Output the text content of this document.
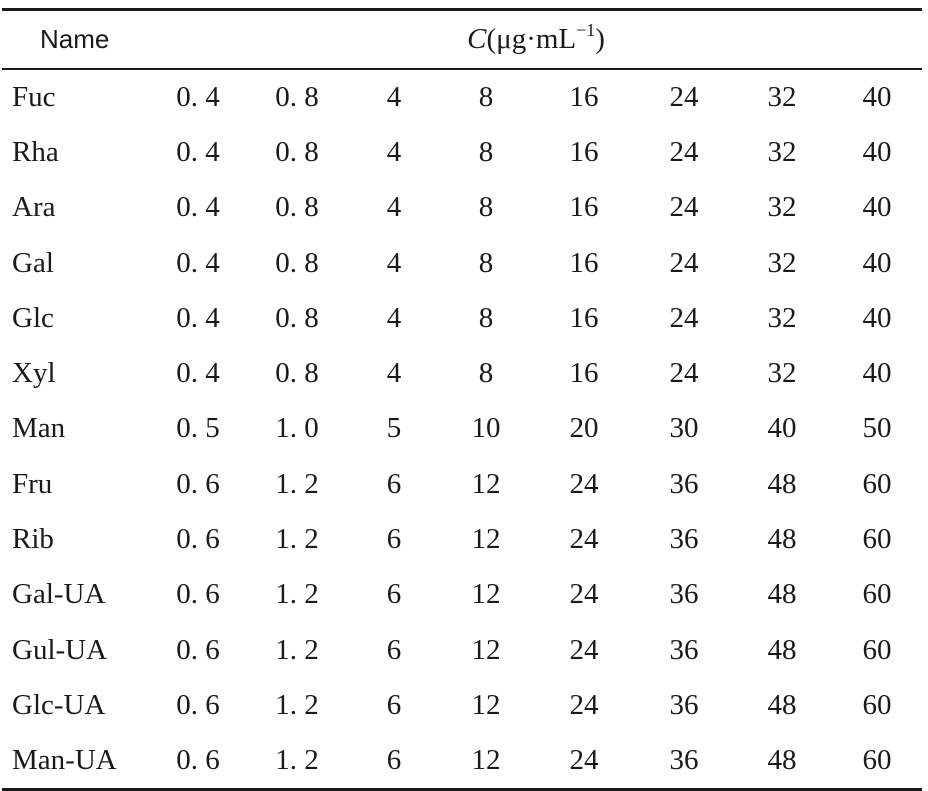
Name	$C(\mu g\cdot mL^{-1})$							

Fuc	0. 4	0. 8	4	8	16	24	32	40
Rha	0. 4	0. 8	4	8	16	24	32	40
Ara	0. 4	0. 8	4	8	16	24	32	40
Gal	0. 4	0. 8	4	8	16	24	32	40
Glc	0. 4	0. 8	4	8	16	24	32	40
Xyl	0. 4	0. 8	4	8	16	24	32	40
Man	0. 5	1. 0	5	10	20	30	40	50
Fru	0. 6	1. 2	6	12	24	36	48	60
Rib	0. 6	1. 2	6	12	24	36	48	60
Gal-UA	0. 6	1. 2	6	12	24	36	48	60
Gul-UA	0. 6	1. 2	6	12	24	36	48	60
Glc-UA	0. 6	1. 2	6	12	24	36	48	60
Man-UA	0. 6	1. 2	6	12	24	36	48	60
